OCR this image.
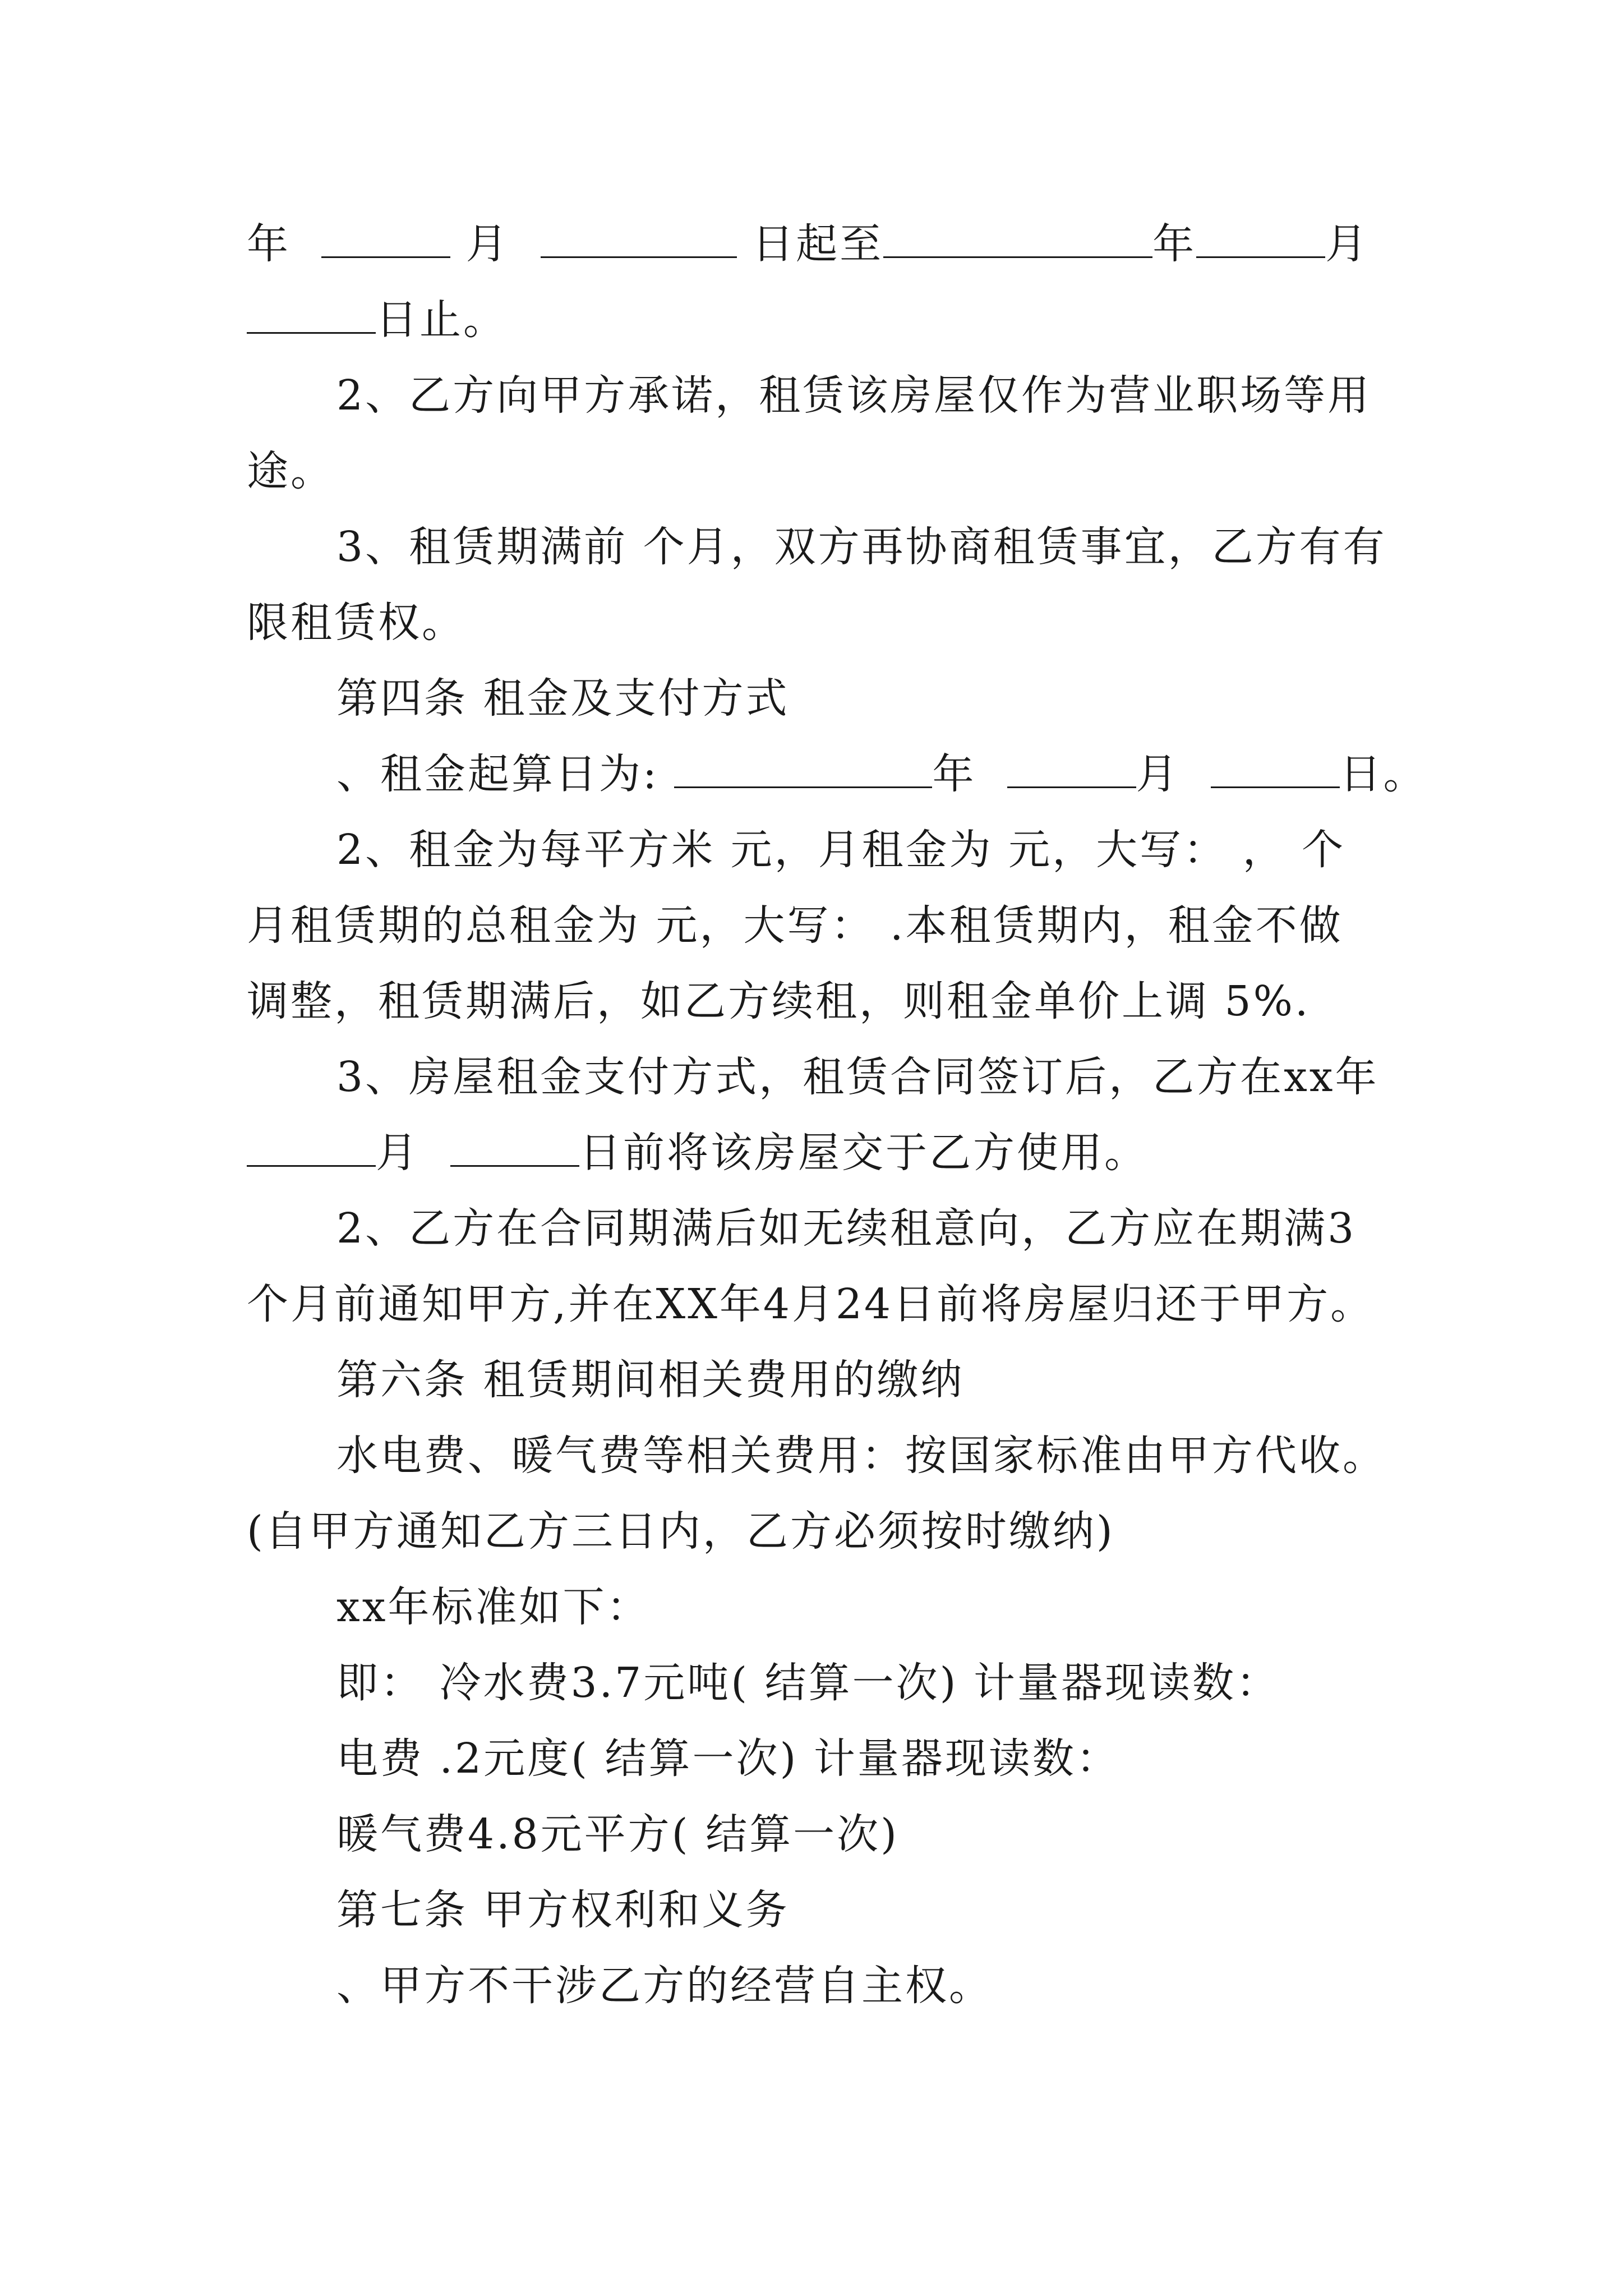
年	月	日起至	年	月

日止。

2、乙方向甲方承诺，租赁该房屋仅作为营业职场等用

途。

3、租赁期满前 个月，双方再协商租赁事宜，乙方有有

限租赁权。

第四条 租金及支付方式

、租金起算日为:	年	月	日。

2、租金为每平方米 元，月租金为 元，大写： ， 个

月租赁期的总租金为 元，大写： .本租赁期内，租金不做

调整，租赁期满后，如乙方续租，则租金单价上调 5%.

3、房屋租金支付方式，租赁合同签订后，乙方在xx年

月	日前将该房屋交于乙方使用。

2、乙方在合同期满后如无续租意向，乙方应在期满3

个月前通知甲方,并在XX年4月24日前将房屋归还于甲方。

第六条 租赁期间相关费用的缴纳

水电费、暖气费等相关费用：按国家标准由甲方代收。

(自甲方通知乙方三日内，乙方必须按时缴纳)

xx年标准如下：

即： 冷水费3.7元吨( 结算一次) 计量器现读数：

电费 .2元度( 结算一次) 计量器现读数：

暖气费4.8元平方( 结算一次)

第七条 甲方权利和义务

、甲方不干涉乙方的经营自主权。
